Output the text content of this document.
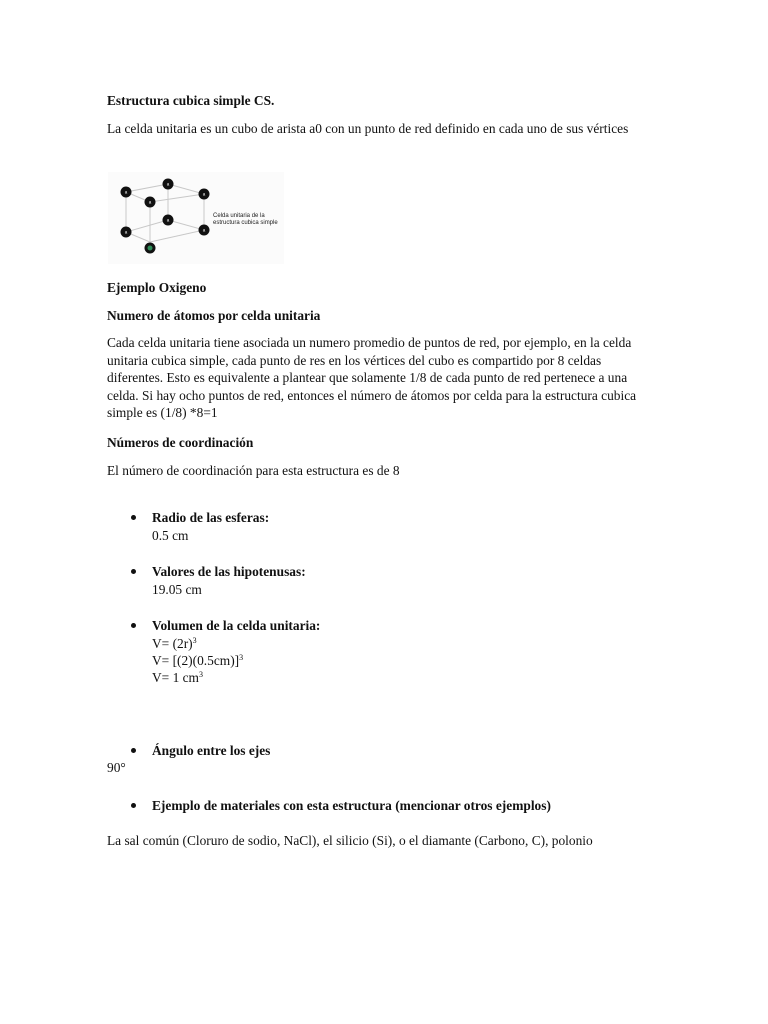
Estructura cubica simple CS.
La celda unitaria es un cubo de arista a0 con un punto de red definido en cada uno de sus vértices
a
a
a
a
a
a
a
Celda unitaria de la estructura cubica simple
Ejemplo Oxigeno
Numero de átomos por celda unitaria
Cada celda unitaria tiene asociada un numero promedio de puntos de red, por ejemplo, en la celda
unitaria cubica simple, cada punto de res en los vértices del cubo es compartido por 8 celdas
diferentes. Esto es equivalente a plantear que solamente 1/8 de cada punto de red pertenece a una
celda. Si hay ocho puntos de red, entonces el número de átomos por celda para la estructura cubica
simple es (1/8) *8=1
Números de coordinación
El número de coordinación para esta estructura es de 8
Radio de las esferas:
0.5 cm
Valores de las hipotenusas:
19.05 cm
Volumen de la celda unitaria:
$V= (2r)^3$
$V= [(2)(0.5cm)]^3$
V= 1 $cm^3$
Ángulo entre los ejes
90°
Ejemplo de materiales con esta estructura (mencionar otros ejemplos)
La sal común (Cloruro de sodio, NaCl), el silicio (Si), o el diamante (Carbono, C), polonio
